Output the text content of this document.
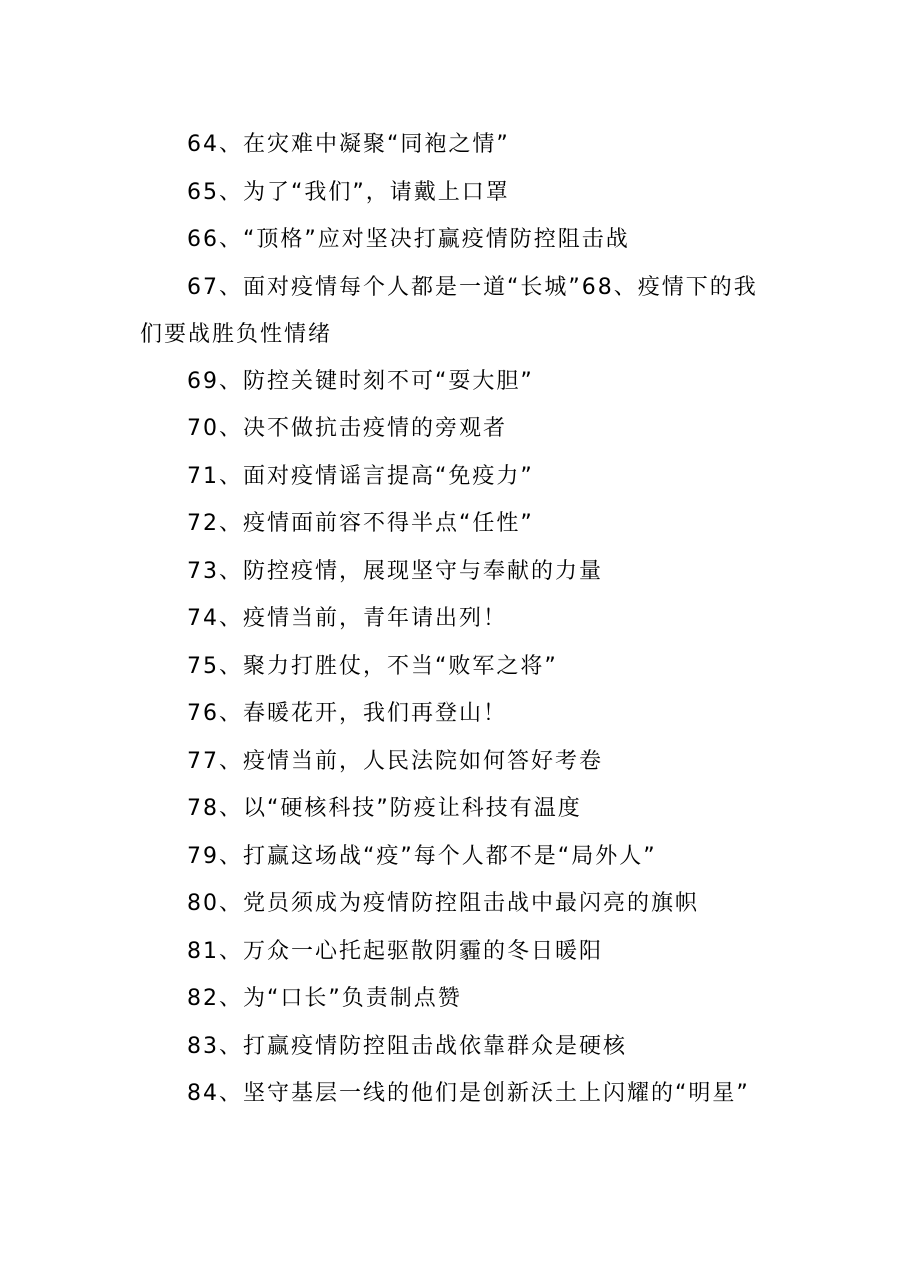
64、在灾难中凝聚“同袍之情”

65、为了“我们”，请戴上口罩

66、“顶格”应对坚决打赢疫情防控阻击战

67、面对疫情每个人都是一道“长城”68、疫情下的我们要战胜负性情绪

69、防控关键时刻不可“耍大胆”

70、决不做抗击疫情的旁观者

71、面对疫情谣言提高“免疫力”

72、疫情面前容不得半点“任性”

73、防控疫情，展现坚守与奉献的力量

74、疫情当前，青年请出列！

75、聚力打胜仗，不当“败军之将”

76、春暖花开，我们再登山！

77、疫情当前，人民法院如何答好考卷

78、以“硬核科技”防疫让科技有温度

79、打赢这场战“疫”每个人都不是“局外人”

80、党员须成为疫情防控阻击战中最闪亮的旗帜

81、万众一心托起驱散阴霾的冬日暖阳

82、为“口长”负责制点赞

83、打赢疫情防控阻击战依靠群众是硬核

84、坚守基层一线的他们是创新沃土上闪耀的“明星”
